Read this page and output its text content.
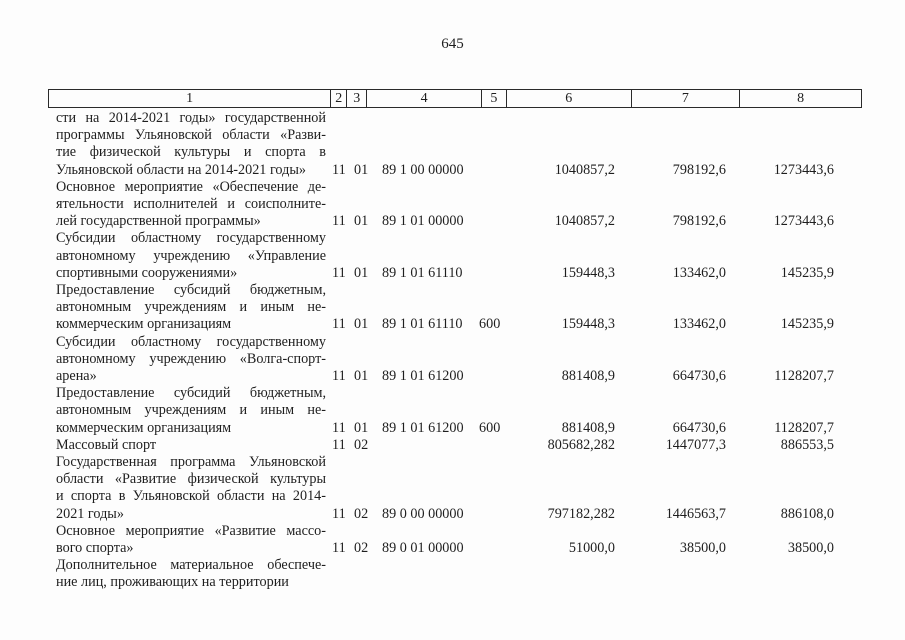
645
1	2 3	4	5	6	7	8
сти на 2014-2021 годы» государственной
программы Ульяновской области «Разви-
тие физической культуры и спорта в
Ульяновской области на 2014-2021 годы»	11 01 89 1 00 00000	1040857,2	798192,6	1273443,6
Основное мероприятие «Обеспечение де-
ятельности исполнителей и соисполните-
лей государственной программы»	11 01 89 1 01 00000	1040857,2	798192,6	1273443,6
Субсидии областному государственному
автономному учреждению «Управление
спортивными сооружениями»	11 01 89 1 01 61110	159448,3	133462,0	145235,9
Предоставление субсидий бюджетным,
автономным учреждениям и иным не-
коммерческим организациям	11 01 89 1 01 61110 600	159448,3	133462,0	145235,9
Субсидии областному государственному
автономному учреждению «Волга-спорт-
арена»	11 01 89 1 01 61200	881408,9	664730,6	1128207,7
Предоставление субсидий бюджетным,
автономным учреждениям и иным не-
коммерческим организациям	11 01 89 1 01 61200 600	881408,9	664730,6	1128207,7
Массовый спорт	11 02	805682,282	1447077,3	886553,5
Государственная программа Ульяновской
области «Развитие физической культуры
и спорта в Ульяновской области на 2014-
2021 годы»	11 02 89 0 00 00000	797182,282	1446563,7	886108,0
Основное мероприятие «Развитие массо-
вого спорта»	11 02 89 0 01 00000	51000,0	38500,0	38500,0
Дополнительное материальное обеспече-
ние лиц, проживающих на территории
